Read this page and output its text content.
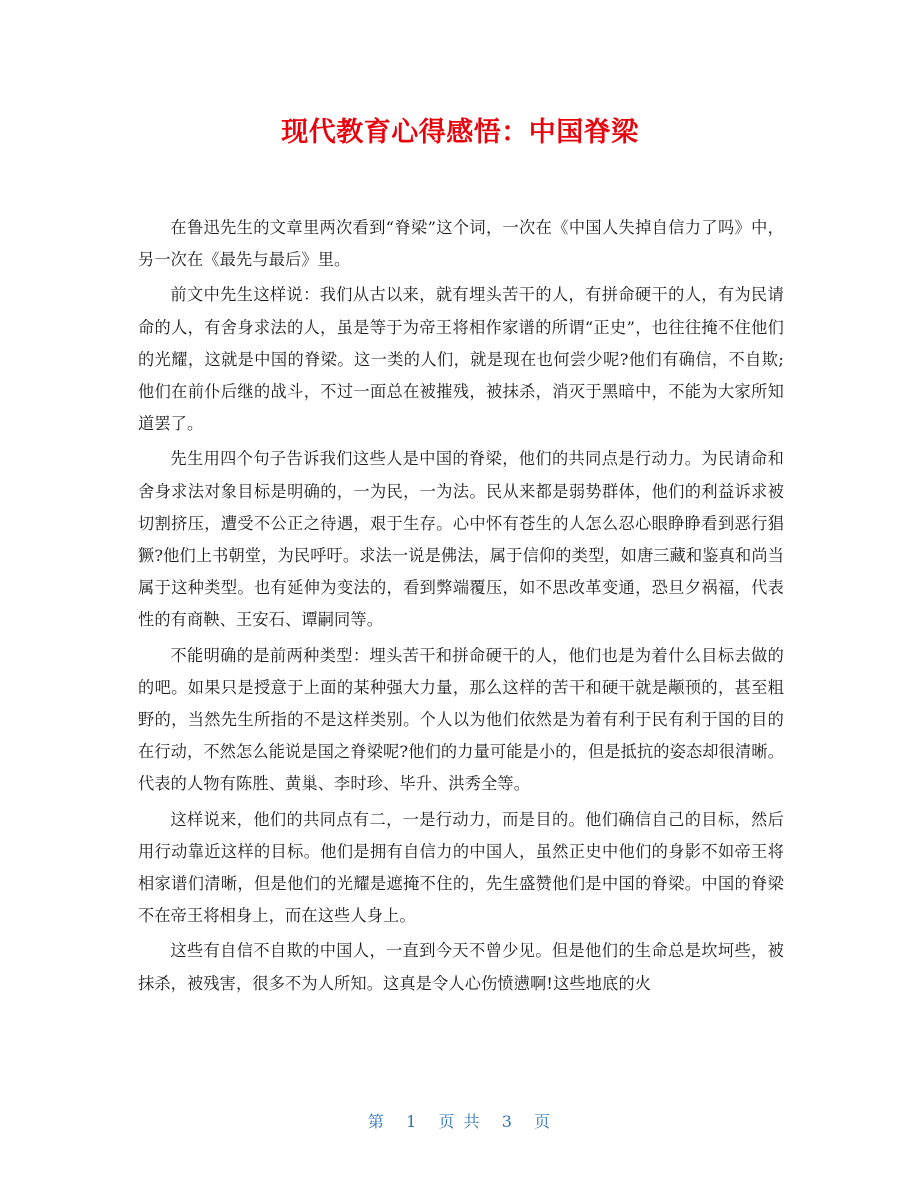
现代教育心得感悟：中国脊梁

在鲁迅先生的文章里两次看到“脊梁”这个词，一次在《中国人失掉自信力了吗》中，另一次在《最先与最后》里。

前文中先生这样说：我们从古以来，就有埋头苦干的人，有拼命硬干的人，有为民请命的人，有舍身求法的人，虽是等于为帝王将相作家谱的所谓“正史”，也往往掩不住他们的光耀，这就是中国的脊梁。这一类的人们，就是现在也何尝少呢?他们有确信，不自欺;他们在前仆后继的战斗，不过一面总在被摧残，被抹杀，消灭于黑暗中，不能为大家所知道罢了。

先生用四个句子告诉我们这些人是中国的脊梁，他们的共同点是行动力。为民请命和舍身求法对象目标是明确的，一为民，一为法。民从来都是弱势群体，他们的利益诉求被切割挤压，遭受不公正之待遇，艰于生存。心中怀有苍生的人怎么忍心眼睁睁看到恶行猖獗?他们上书朝堂，为民呼吁。求法一说是佛法，属于信仰的类型，如唐三藏和鉴真和尚当属于这种类型。也有延伸为变法的，看到弊端覆压，如不思改革变通，恐旦夕祸福，代表性的有商鞅、王安石、谭嗣同等。

不能明确的是前两种类型：埋头苦干和拼命硬干的人，他们也是为着什么目标去做的的吧。如果只是授意于上面的某种强大力量，那么这样的苦干和硬干就是颟顸的，甚至粗野的，当然先生所指的不是这样类别。个人以为他们依然是为着有利于民有利于国的目的在行动，不然怎么能说是国之脊梁呢?他们的力量可能是小的，但是抵抗的姿态却很清晰。代表的人物有陈胜、黄巢、李时珍、毕升、洪秀全等。

这样说来，他们的共同点有二，一是行动力，而是目的。他们确信自己的目标，然后用行动靠近这样的目标。他们是拥有自信力的中国人，虽然正史中他们的身影不如帝王将相家谱们清晰，但是他们的光耀是遮掩不住的，先生盛赞他们是中国的脊梁。中国的脊梁不在帝王将相身上，而在这些人身上。

这些有自信不自欺的中国人，一直到今天不曾少见。但是他们的生命总是坎坷些，被抹杀，被残害，很多不为人所知。这真是令人心伤愤懑啊!这些地底的火

第 1 页 共 3 页
